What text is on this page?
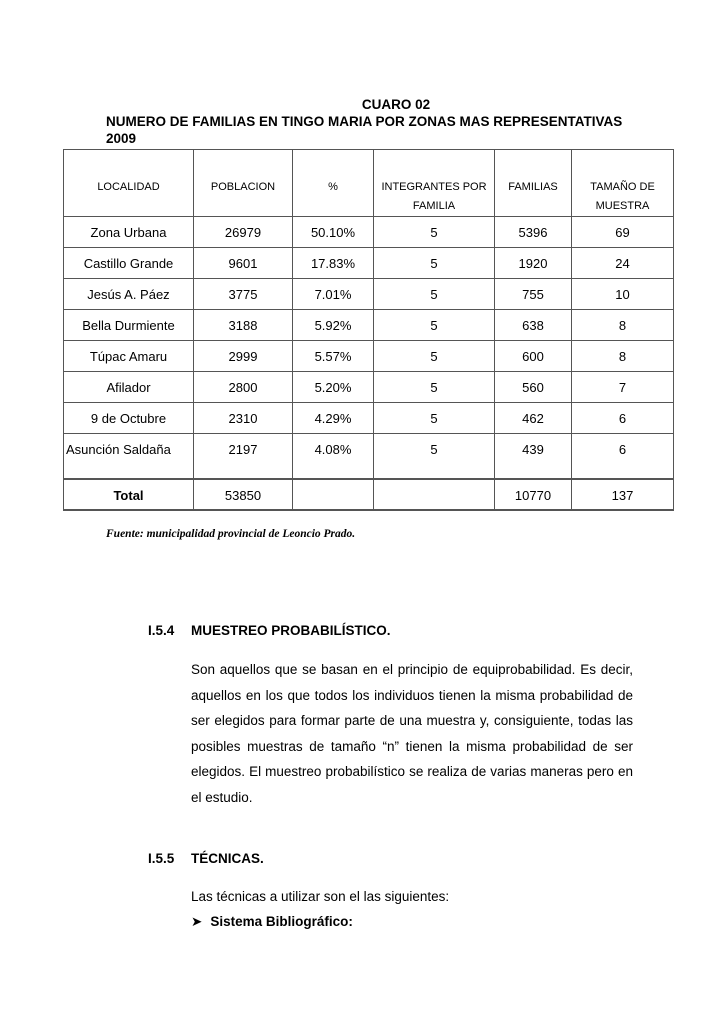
CUARO 02
NUMERO DE FAMILIAS EN TINGO MARIA POR ZONAS MAS REPRESENTATIVAS
2009
LOCALIDAD	POBLACION	%	INTEGRANTES POR FAMILIA	FAMILIAS	TAMAÑO DE MUESTRA
Zona Urbana	26979	50.10%	5	5396	69
Castillo Grande	9601	17.83%	5	1920	24
Jesús A. Páez	3775	7.01%	5	755	10
Bella Durmiente	3188	5.92%	5	638	8
Túpac Amaru	2999	5.57%	5	600	8
Afilador	2800	5.20%	5	560	7
9 de Octubre	2310	4.29%	5	462	6
Asunción Saldaña	2197	4.08%	5	439	6
Total	53850			10770	137
Fuente: municipalidad provincial de Leoncio Prado.
I.5.4 MUESTREO PROBABILÍSTICO.
Son aquellos que se basan en el principio de equiprobabilidad. Es decir, aquellos en los que todos los individuos tienen la misma probabilidad de ser elegidos para formar parte de una muestra y, consiguiente, todas las posibles muestras de tamaño “n” tienen la misma probabilidad de ser elegidos. El muestreo probabilístico se realiza de varias maneras pero en el estudio.
I.5.5 TÉCNICAS.
Las técnicas a utilizar son el las siguientes:
➤ Sistema Bibliográfico:
